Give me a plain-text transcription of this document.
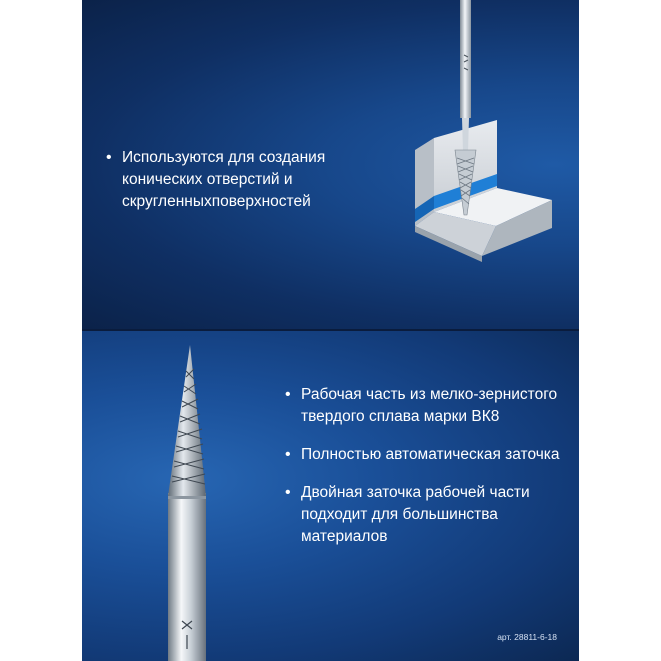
• Используются для создания конических отверстий и скругленныхповерхностей
• Рабочая часть из мелко-зернистого твердого сплава марки ВК8
• Полностью автоматическая заточка
• Двойная заточка рабочей части подходит для большинства материалов
арт. 28811-6-18
